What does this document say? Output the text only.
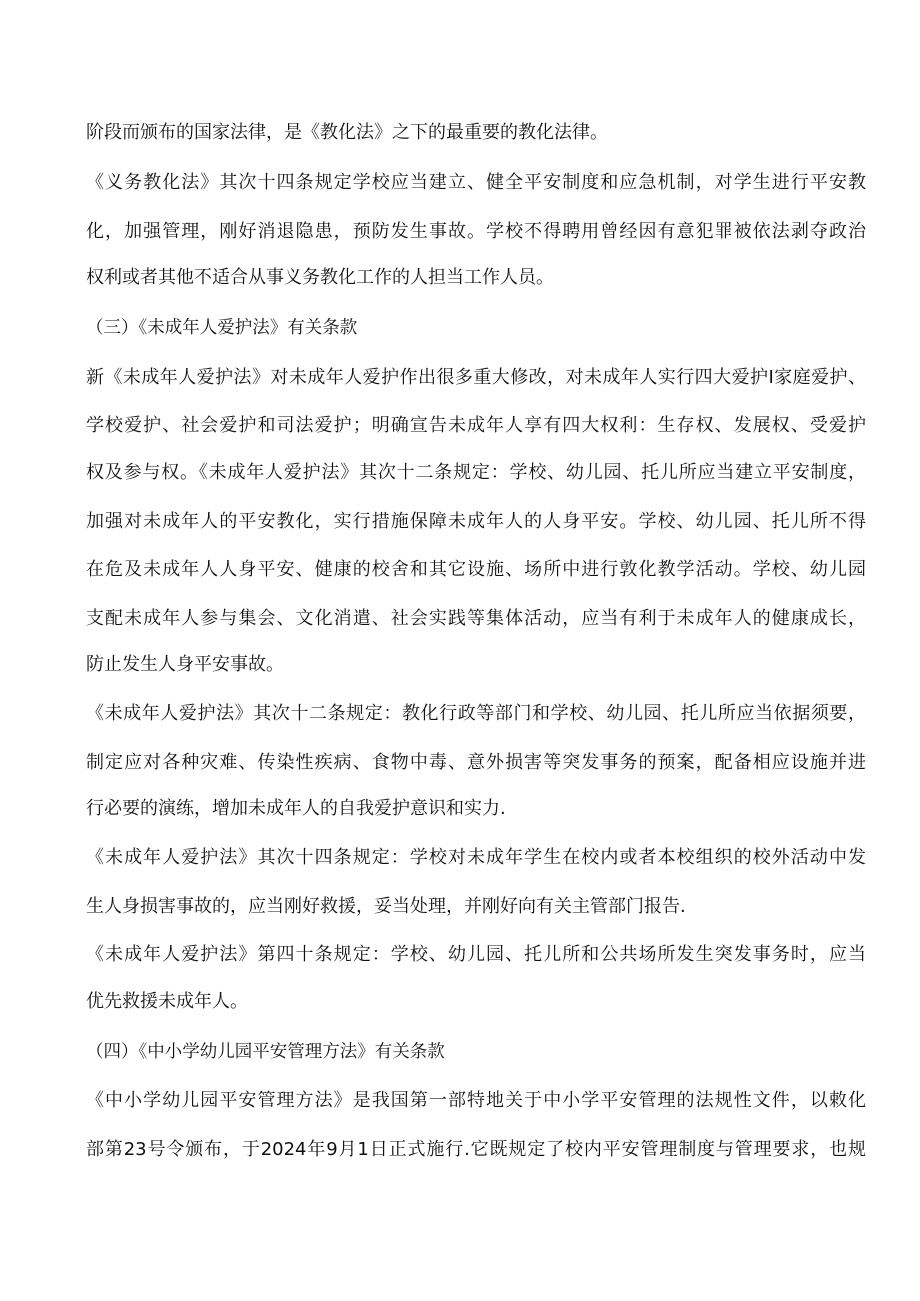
阶段而颁布的国家法律，是《教化法》之下的最重要的教化法律。
《义务教化法》其次十四条规定学校应当建立、健全平安制度和应急机制，对学生进行平安教
化，加强管理，刚好消退隐患，预防发生事故。学校不得聘用曾经因有意犯罪被依法剥夺政治
权利或者其他不适合从事义务教化工作的人担当工作人员。
（三）《未成年人爱护法》有关条款
新《未成年人爱护法》对未成年人爱护作出很多重大修改，对未成年人实行四大爱护I家庭爱护、
学校爱护、社会爱护和司法爱护；明确宣告未成年人享有四大权利：生存权、发展权、受爱护
权及参与权。《未成年人爱护法》其次十二条规定：学校、幼儿园、托儿所应当建立平安制度，
加强对未成年人的平安教化，实行措施保障未成年人的人身平安。学校、幼儿园、托儿所不得
在危及未成年人人身平安、健康的校舍和其它设施、场所中进行敦化教学活动。学校、幼儿园
支配未成年人参与集会、文化消遣、社会实践等集体活动，应当有利于未成年人的健康成长，
防止发生人身平安事故。
《未成年人爱护法》其次十二条规定：教化行政等部门和学校、幼儿园、托儿所应当依据须要，
制定应对各种灾难、传染性疾病、食物中毒、意外损害等突发事务的预案，配备相应设施并进
行必要的演练，增加未成年人的自我爱护意识和实力.
《未成年人爱护法》其次十四条规定：学校对未成年学生在校内或者本校组织的校外活动中发
生人身损害事故的，应当刚好救援，妥当处理，并刚好向有关主管部门报告.
《未成年人爱护法》第四十条规定：学校、幼儿园、托儿所和公共场所发生突发事务时，应当
优先救援未成年人。
（四）《中小学幼儿园平安管理方法》有关条款
《中小学幼儿园平安管理方法》是我国第一部特地关于中小学平安管理的法规性文件，以敕化
部第23号令颁布，于2024年9月1日正式施行.它既规定了校内平安管理制度与管理要求，也规
